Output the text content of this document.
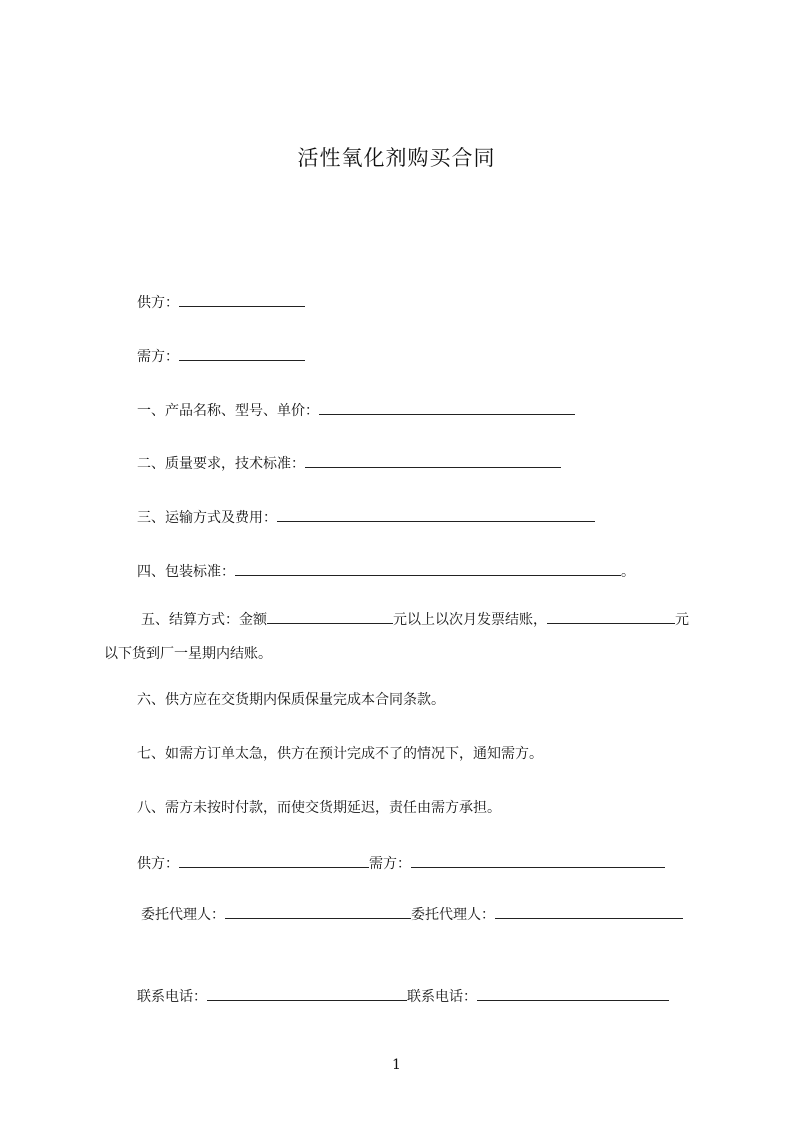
活性氧化剂购买合同
供方：
需方：
一、产品名称、型号、单价：
二、质量要求，技术标准：
三、运输方式及费用：
四、包装标准：	。
五、结算方式：金额	元以上以次月发票结账，	元以下货到厂一星期内结账。
六、供方应在交货期内保质保量完成本合同条款。
七、如需方订单太急，供方在预计完成不了的情况下，通知需方。
八、需方未按时付款，而使交货期延迟，责任由需方承担。
供方：	需方：
委托代理人：	委托代理人：
联系电话：	联系电话：
1
